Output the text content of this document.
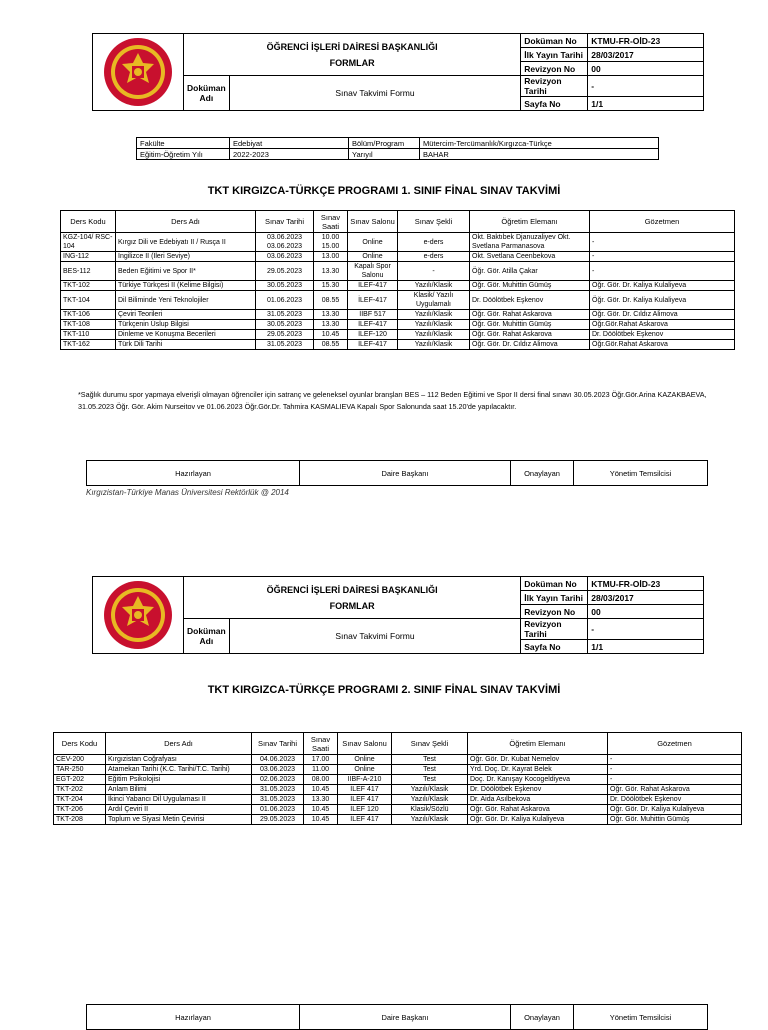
ÖĞRENCİ İŞLERİ DAİRESİ BAŞKANLIĞI
FORMLAR		Doküman No	KTMU-FR-OİD-23
			İlk Yayın Tarihi	28/03/2017
			Revizyon No	00
	Doküman Adı	Sınav Takvimi Formu	Revizyon Tarihi	-
			Sayfa No	1/1
Fakülte	Edebiyat	Bölüm/Program	Mütercim-Tercümanlık/Kırgızca-Türkçe
Eğitim-Öğretim Yılı	2022-2023	Yarıyıl	BAHAR
TKT KIRGIZCA-TÜRKÇE PROGRAMI 1. SINIF FİNAL SINAV TAKVİMİ
Ders Kodu	Ders Adı	Sınav Tarihi	Sınav Saati	Sınav Salonu	Sınav Şekli	Öğretim Elemanı	Gözetmen
KGZ-104/ RSC-104	Kırgız Dili ve Edebiyatı II / Rusça II	03.06.2023 03.06.2023	10.00 15.00	Online	e-ders	Okt. Baktıbek Djanuzaliyev Okt. Svetlana Parmanasova	-
ING-112	İngilizce II (İleri Seviye)	03.06.2023	13.00	Online	e-ders	Okt. Svetlana Ceenbekova	-
BES-112	Beden Eğitimi ve Spor II*	29.05.2023	13.30	Kapalı Spor Salonu	-	Öğr. Gör. Atilla Çakar	-
TKT-102	Türkiye Türkçesi II (Kelime Bilgisi)	30.05.2023	15.30	İLEF-417	Yazılı/Klasik	Öğr. Gör. Muhittin Gümüş	Öğr. Gör. Dr. Kaliya Kulaliyeva
TKT-104	Dil Biliminde Yeni Teknolojiler	01.06.2023	08.55	İLEF-417	Klasik/ Yazılı Uygulamalı	Dr. Döölötbek Eşkenov	Öğr. Gör. Dr. Kaliya Kulaliyeva
TKT-106	Çeviri Teorileri	31.05.2023	13.30	İİBF 517	Yazılı/Klasik	Öğr. Gör. Rahat Askarova	Öğr. Gör. Dr. Cıldız Alimova
TKT-108	Türkçenin Üslup Bilgisi	30.05.2023	13.30	İLEF-417	Yazılı/Klasik	Öğr. Gör. Muhittin Gümüş	Öğr.Gör.Rahat Askarova
TKT-110	Dinleme ve Konuşma Becerileri	29.05.2023	10.45	İLEF-120	Yazılı/Klasik	Öğr. Gör. Rahat Askarova	Dr. Döölötbek Eşkenov
TKT-162	Türk Dili Tarihi	31.05.2023	08.55	İLEF-417	Yazılı/Klasik	Öğr. Gör. Dr. Cıldız Alimova	Öğr.Gör.Rahat Askarova
*Sağlık durumu spor yapmaya elverişli olmayan öğrenciler için satranç ve geleneksel oyunlar branşları BES – 112 Beden Eğitimi ve Spor II dersi final sınavı 30.05.2023 Öğr.Gör.Arina KAZAKBAEVA, 31.05.2023 Öğr. Gör. Akim Nurseitov ve 01.06.2023 Öğr.Gör.Dr. Tahmira KASMALIEVA Kapalı Spor Salonunda saat 15.20'de yapılacaktır.
Hazırlayan	Daire Başkanı	Onaylayan	Yönetim Temsilcisi
Kırgızistan-Türkiye Manas Üniversitesi Rektörlük @ 2014

ÖĞRENCİ İŞLERİ DAİRESİ BAŞKANLIĞI
FORMLAR		Doküman No	KTMU-FR-OİD-23
			İlk Yayın Tarihi	28/03/2017
			Revizyon No	00
	Doküman Adı	Sınav Takvimi Formu	Revizyon Tarihi	-
			Sayfa No	1/1
TKT KIRGIZCA-TÜRKÇE PROGRAMI 2. SINIF FİNAL SINAV TAKVİMİ
Ders Kodu	Ders Adı	Sınav Tarihi	Sınav Saati	Sınav Salonu	Sınav Şekli	Öğretim Elemanı	Gözetmen
CEV-200	Kırgızistan Coğrafyası	04.06.2023	17.00	Online	Test	Öğr. Gör. Dr. Kubat Nemelov	-
TAR-250	Atamekan Tarihi (K.C. Tarihi/T.C. Tarihi)	03.06.2023	11.00	Online	Test	Yrd. Doç. Dr. Kayrat Belek	-
EGT-202	Eğitim Psikolojisi	02.06.2023	08.00	IIBF-A-210	Test	Doç. Dr. Kanışay Kocogeldiyeva	-
TKT-202	Anlam Bilimi	31.05.2023	10.45	İLEF 417	Yazılı/Klasik	Dr. Döölötbek Eşkenov	Öğr. Gör. Rahat Askarova
TKT-204	İkinci Yabancı Dil Uygulaması II	31.05.2023	13.30	İLEF 417	Yazılı/Klasik	Dr. Aida Asılbekova	Dr. Döölötbek Eşkenov
TKT-206	Ardıl Çeviri II	01.06.2023	10.45	İLEF 120	Klasik/Sözlü	Öğr. Gör. Rahat Askarova	Öğr. Gör. Dr. Kaliya Kulaliyeva
TKT-208	Toplum ve Siyasi Metin Çevirisi	29.05.2023	10.45	İLEF 417	Yazılı/Klasik	Öğr. Gör. Dr. Kaliya Kulaliyeva	Öğr. Gör. Muhittin Gümüş
Hazırlayan	Daire Başkanı	Onaylayan	Yönetim Temsilcisi
